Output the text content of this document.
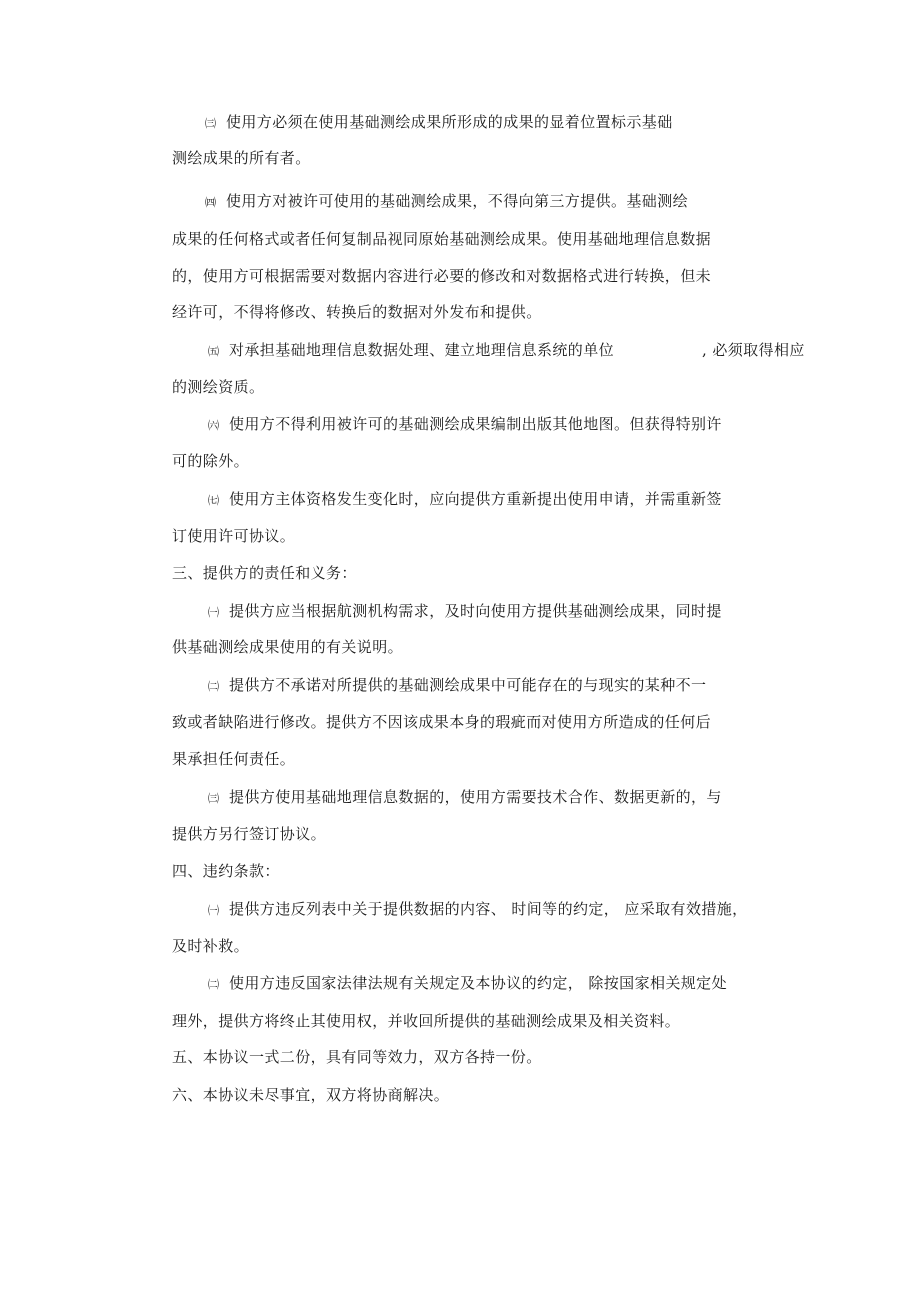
㈢ 使用方必须在使用基础测绘成果所形成的成果的显着位置标示基础

测绘成果的所有者。

㈣ 使用方对被许可使用的基础测绘成果，不得向第三方提供。基础测绘

成果的任何格式或者任何复制品视同原始基础测绘成果。使用基础地理信息数据

的，使用方可根据需要对数据内容进行必要的修改和对数据格式进行转换，但未

经许可，不得将修改、转换后的数据对外发布和提供。

㈤ 对承担基础地理信息数据处理、建立地理信息系统的单位	, 必须取得相应

的测绘资质。

㈥ 使用方不得利用被许可的基础测绘成果编制出版其他地图。但获得特别许

可的除外。

㈦ 使用方主体资格发生变化时，应向提供方重新提出使用申请，并需重新签

订使用许可协议。

三、提供方的责任和义务：

㈠ 提供方应当根据航测机构需求，及时向使用方提供基础测绘成果，同时提

供基础测绘成果使用的有关说明。

㈡ 提供方不承诺对所提供的基础测绘成果中可能存在的与现实的某种不一

致或者缺陷进行修改。提供方不因该成果本身的瑕疵而对使用方所造成的任何后

果承担任何责任。

㈢ 提供方使用基础地理信息数据的，使用方需要技术合作、数据更新的，与

提供方另行签订协议。

四、违约条款：

㈠ 提供方违反列表中关于提供数据的内容、 时间等的约定， 应采取有效措施，

及时补救。

㈡ 使用方违反国家法律法规有关规定及本协议的约定， 除按国家相关规定处

理外，提供方将终止其使用权，并收回所提供的基础测绘成果及相关资料。

五、本协议一式二份，具有同等效力，双方各持一份。

六、本协议未尽事宜，双方将协商解决。
